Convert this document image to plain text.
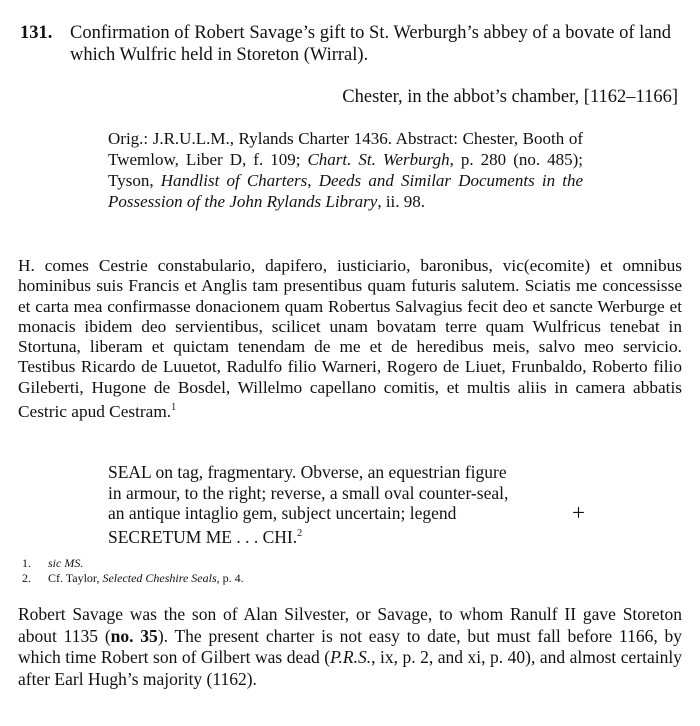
131. Confirmation of Robert Savage’s gift to St. Werburgh’s abbey of a bovate of land which Wulfric held in Storeton (Wirral).
Chester, in the abbot’s chamber, [1162–1166]
Orig.: J.R.U.L.M., Rylands Charter 1436. Abstract: Chester, Booth of Twemlow, Liber D, f. 109; Chart. St. Werburgh, p. 280 (no. 485); Tyson, Handlist of Charters, Deeds and Similar Documents in the Possession of the John Rylands Library, ii. 98.
H. comes Cestrie constabulario, dapifero, iusticiario, baronibus, vic(ecomite) et omnibus hominibus suis Francis et Anglis tam presentibus quam futuris salutem. Sciatis me concessisse et carta mea confirmasse donacionem quam Robertus Salvagius fecit deo et sancte Werburge et monacis ibidem deo servientibus, scilicet unam bovatam terre quam Wulfricus tenebat in Stortuna, liberam et quictam tenendam de me et de heredibus meis, salvo meo servicio. Testibus Ricardo de Luuetot, Radulfo filio Warneri, Rogero de Liuet, Frunbaldo, Roberto filio Gileberti, Hugone de Bosdel, Willelmo capellano comitis, et multis aliis in camera abbatis Cestric apud Cestram.$^1$
SEAL on tag, fragmentary. Obverse, an equestrian figure
in armour, to the right; reverse, a small oval counter-seal,
an antique intaglio gem, subject uncertain; legend
SECRETUM ME . . . CHI.$^2$
+
1. sic MS.
2. Cf. Taylor, Selected Cheshire Seals, p. 4.
Robert Savage was the son of Alan Silvester, or Savage, to whom Ranulf II gave Storeton about 1135 (no. 35). The present charter is not easy to date, but must fall before 1166, by which time Robert son of Gilbert was dead (P.R.S., ix, p. 2, and xi, p. 40), and almost certainly after Earl Hugh’s majority (1162).
